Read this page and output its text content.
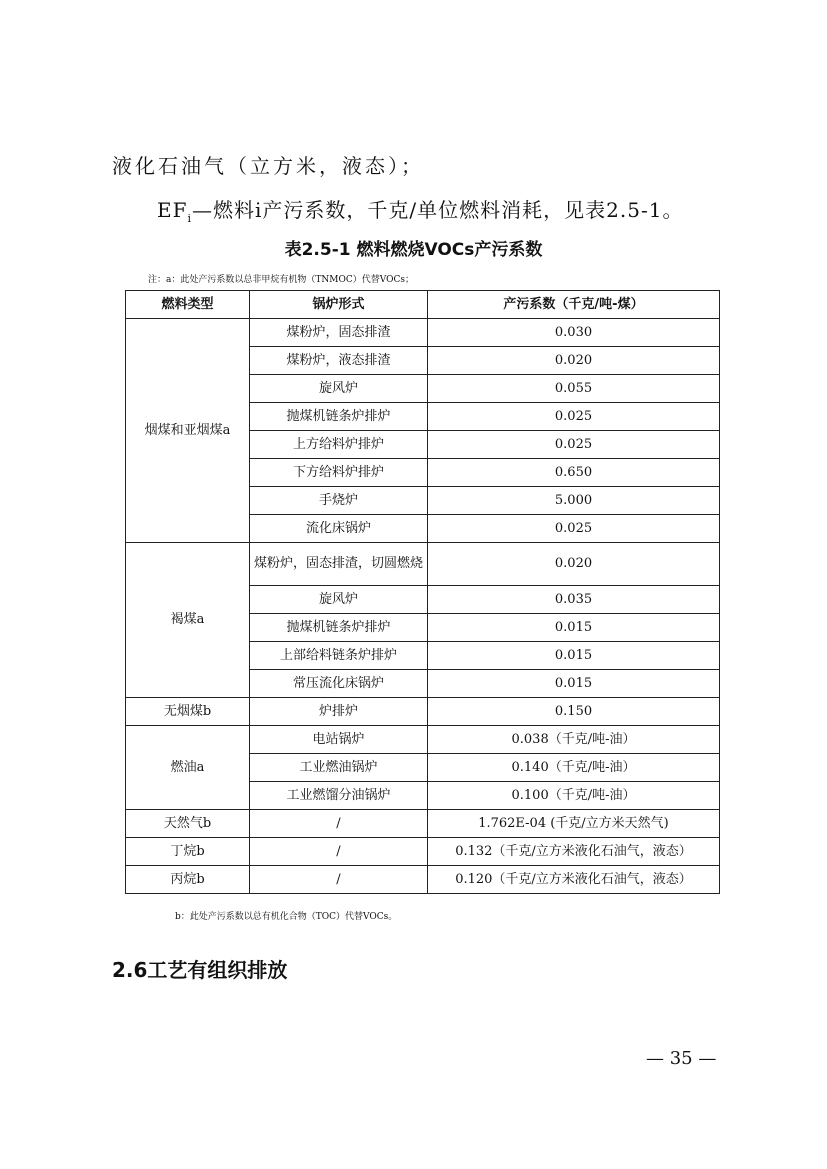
液化石油气（立方米，液态）；
$EF_i—$燃料i产污系数，千克/单位燃料消耗，见表2.5-1。
表2.5-1 燃料燃烧VOCs产污系数
注：a：此处产污系数以总非甲烷有机物（TNMOC）代替VOCs；
燃料类型	锅炉形式	产污系数（千克/吨-煤）
烟煤和亚烟煤a	煤粉炉，固态排渣	0.030
	煤粉炉，液态排渣	0.020
	旋风炉	0.055
	抛煤机链条炉排炉	0.025
	上方给料炉排炉	0.025
	下方给料炉排炉	0.650
	手烧炉	5.000
	流化床锅炉	0.025
褐煤a	煤粉炉，固态排渣，切圆燃烧	0.020
	旋风炉	0.035
	抛煤机链条炉排炉	0.015
	上部给料链条炉排炉	0.015
	常压流化床锅炉	0.015
无烟煤b	炉排炉	0.150
燃油a	电站锅炉	0.038（千克/吨-油）
	工业燃油锅炉	0.140（千克/吨-油）
	工业燃馏分油锅炉	0.100（千克/吨-油）
天然气b	/	1.762E-04 (千克/立方米天然气)
丁烷b	/	0.132（千克/立方米液化石油气，液态）
丙烷b	/	0.120（千克/立方米液化石油气，液态）
b：此处产污系数以总有机化合物（TOC）代替VOCs。
2.6工艺有组织排放
— 35 —
